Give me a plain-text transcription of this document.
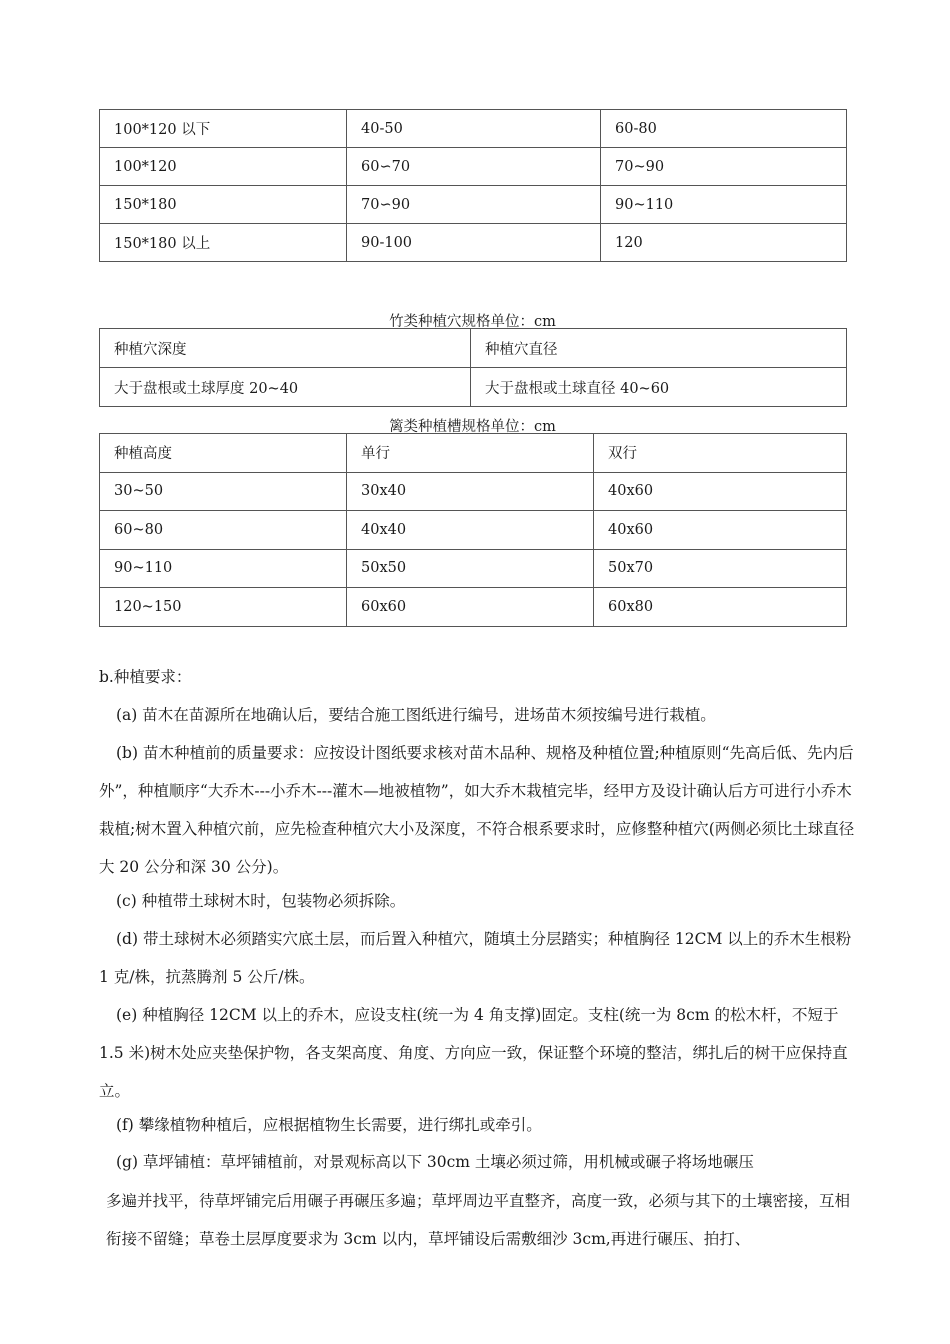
100*120 以下	40-50	60-80
100*120	60∽70	70~90
150*180	70∽90	90~110
150*180 以上	90-100	120
竹类种植穴规格单位：cm
种植穴深度	种植穴直径
大于盘根或土球厚度 20~40	大于盘根或土球直径 40~60
篱类种植槽规格单位：cm
种植高度	单行	双行
30~50	30x40	40x60
60~80	40x40	40x60
90~110	50x50	50x70
120~150	60x60	60x80

b.种植要求：

(a) 苗木在苗源所在地确认后，要结合施工图纸进行编号，进场苗木须按编号进行栽植。

(b) 苗木种植前的质量要求：应按设计图纸要求核对苗木品种、规格及种植位置;种植原则“先高后低、先内后外”，种植顺序“大乔木---小乔木---灌木—地被植物”，如大乔木栽植完毕，经甲方及设计确认后方可进行小乔木栽植;树木置入种植穴前，应先检查种植穴大小及深度，不符合根系要求时，应修整种植穴(两侧必须比土球直径大 20 公分和深 30 公分)。

(c) 种植带土球树木时，包装物必须拆除。

(d) 带土球树木必须踏实穴底土层，而后置入种植穴，随填土分层踏实；种植胸径 12CM 以上的乔木生根粉 1 克/株，抗蒸腾剂 5 公斤/株。

(e) 种植胸径 12CM 以上的乔木，应设支柱(统一为 4 角支撑)固定。支柱(统一为 8cm 的松木杆，不短于 1.5 米)树木处应夹垫保护物，各支架高度、角度、方向应一致，保证整个环境的整洁，绑扎后的树干应保持直立。

(f) 攀缘植物种植后，应根据植物生长需要，进行绑扎或牵引。

(g) 草坪铺植：草坪铺植前，对景观标高以下 30cm 土壤必须过筛，用机械或碾子将场地碾压

多遍并找平，待草坪铺完后用碾子再碾压多遍；草坪周边平直整齐，高度一致，必须与其下的土壤密接，互相衔接不留缝；草卷土层厚度要求为 3cm 以内，草坪铺设后需敷细沙 3cm,再进行碾压、拍打、
